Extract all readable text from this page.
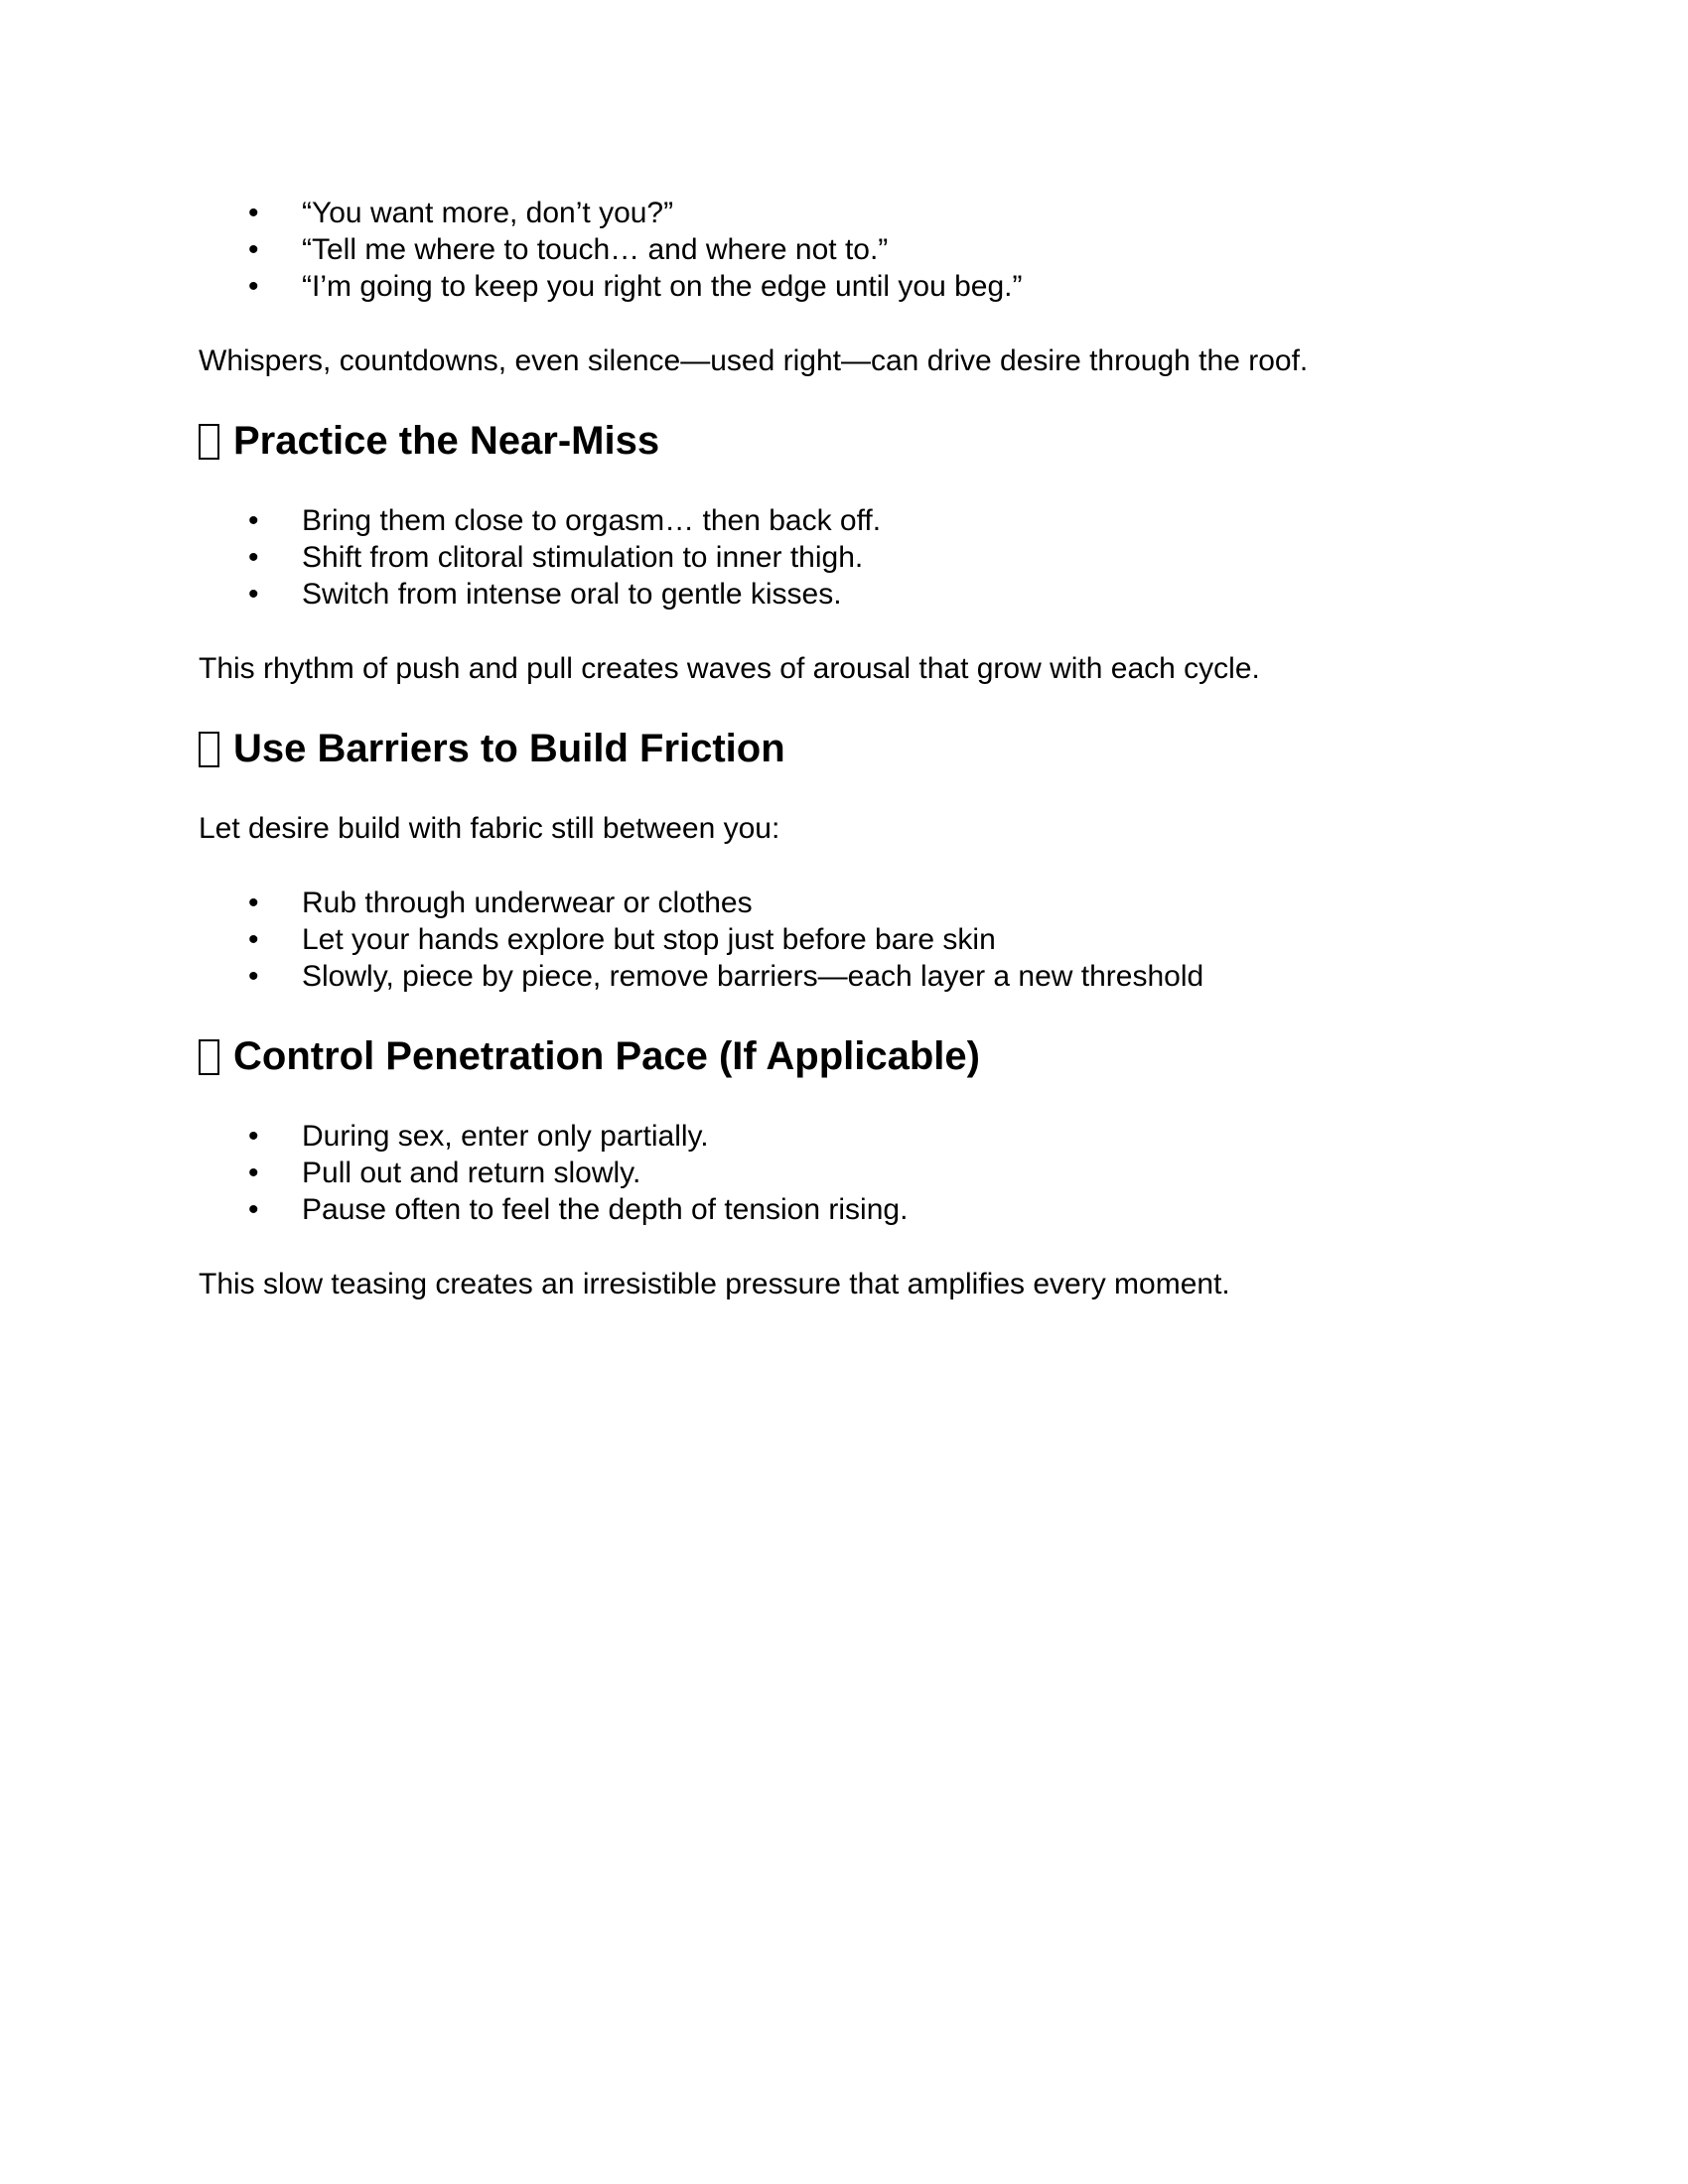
• “You want more, don’t you?”
• “Tell me where to touch… and where not to.”
• “I’m going to keep you right on the edge until you beg.”

Whispers, countdowns, even silence—used right—can drive desire through the roof.

Practice the Near-Miss
• Bring them close to orgasm… then back off.
• Shift from clitoral stimulation to inner thigh.
• Switch from intense oral to gentle kisses.

This rhythm of push and pull creates waves of arousal that grow with each cycle.

Use Barriers to Build Friction

Let desire build with fabric still between you:

• Rub through underwear or clothes
• Let your hands explore but stop just before bare skin
• Slowly, piece by piece, remove barriers—each layer a new threshold
Control Penetration Pace (If Applicable)
• During sex, enter only partially.
• Pull out and return slowly.
• Pause often to feel the depth of tension rising.

This slow teasing creates an irresistible pressure that amplifies every moment.
